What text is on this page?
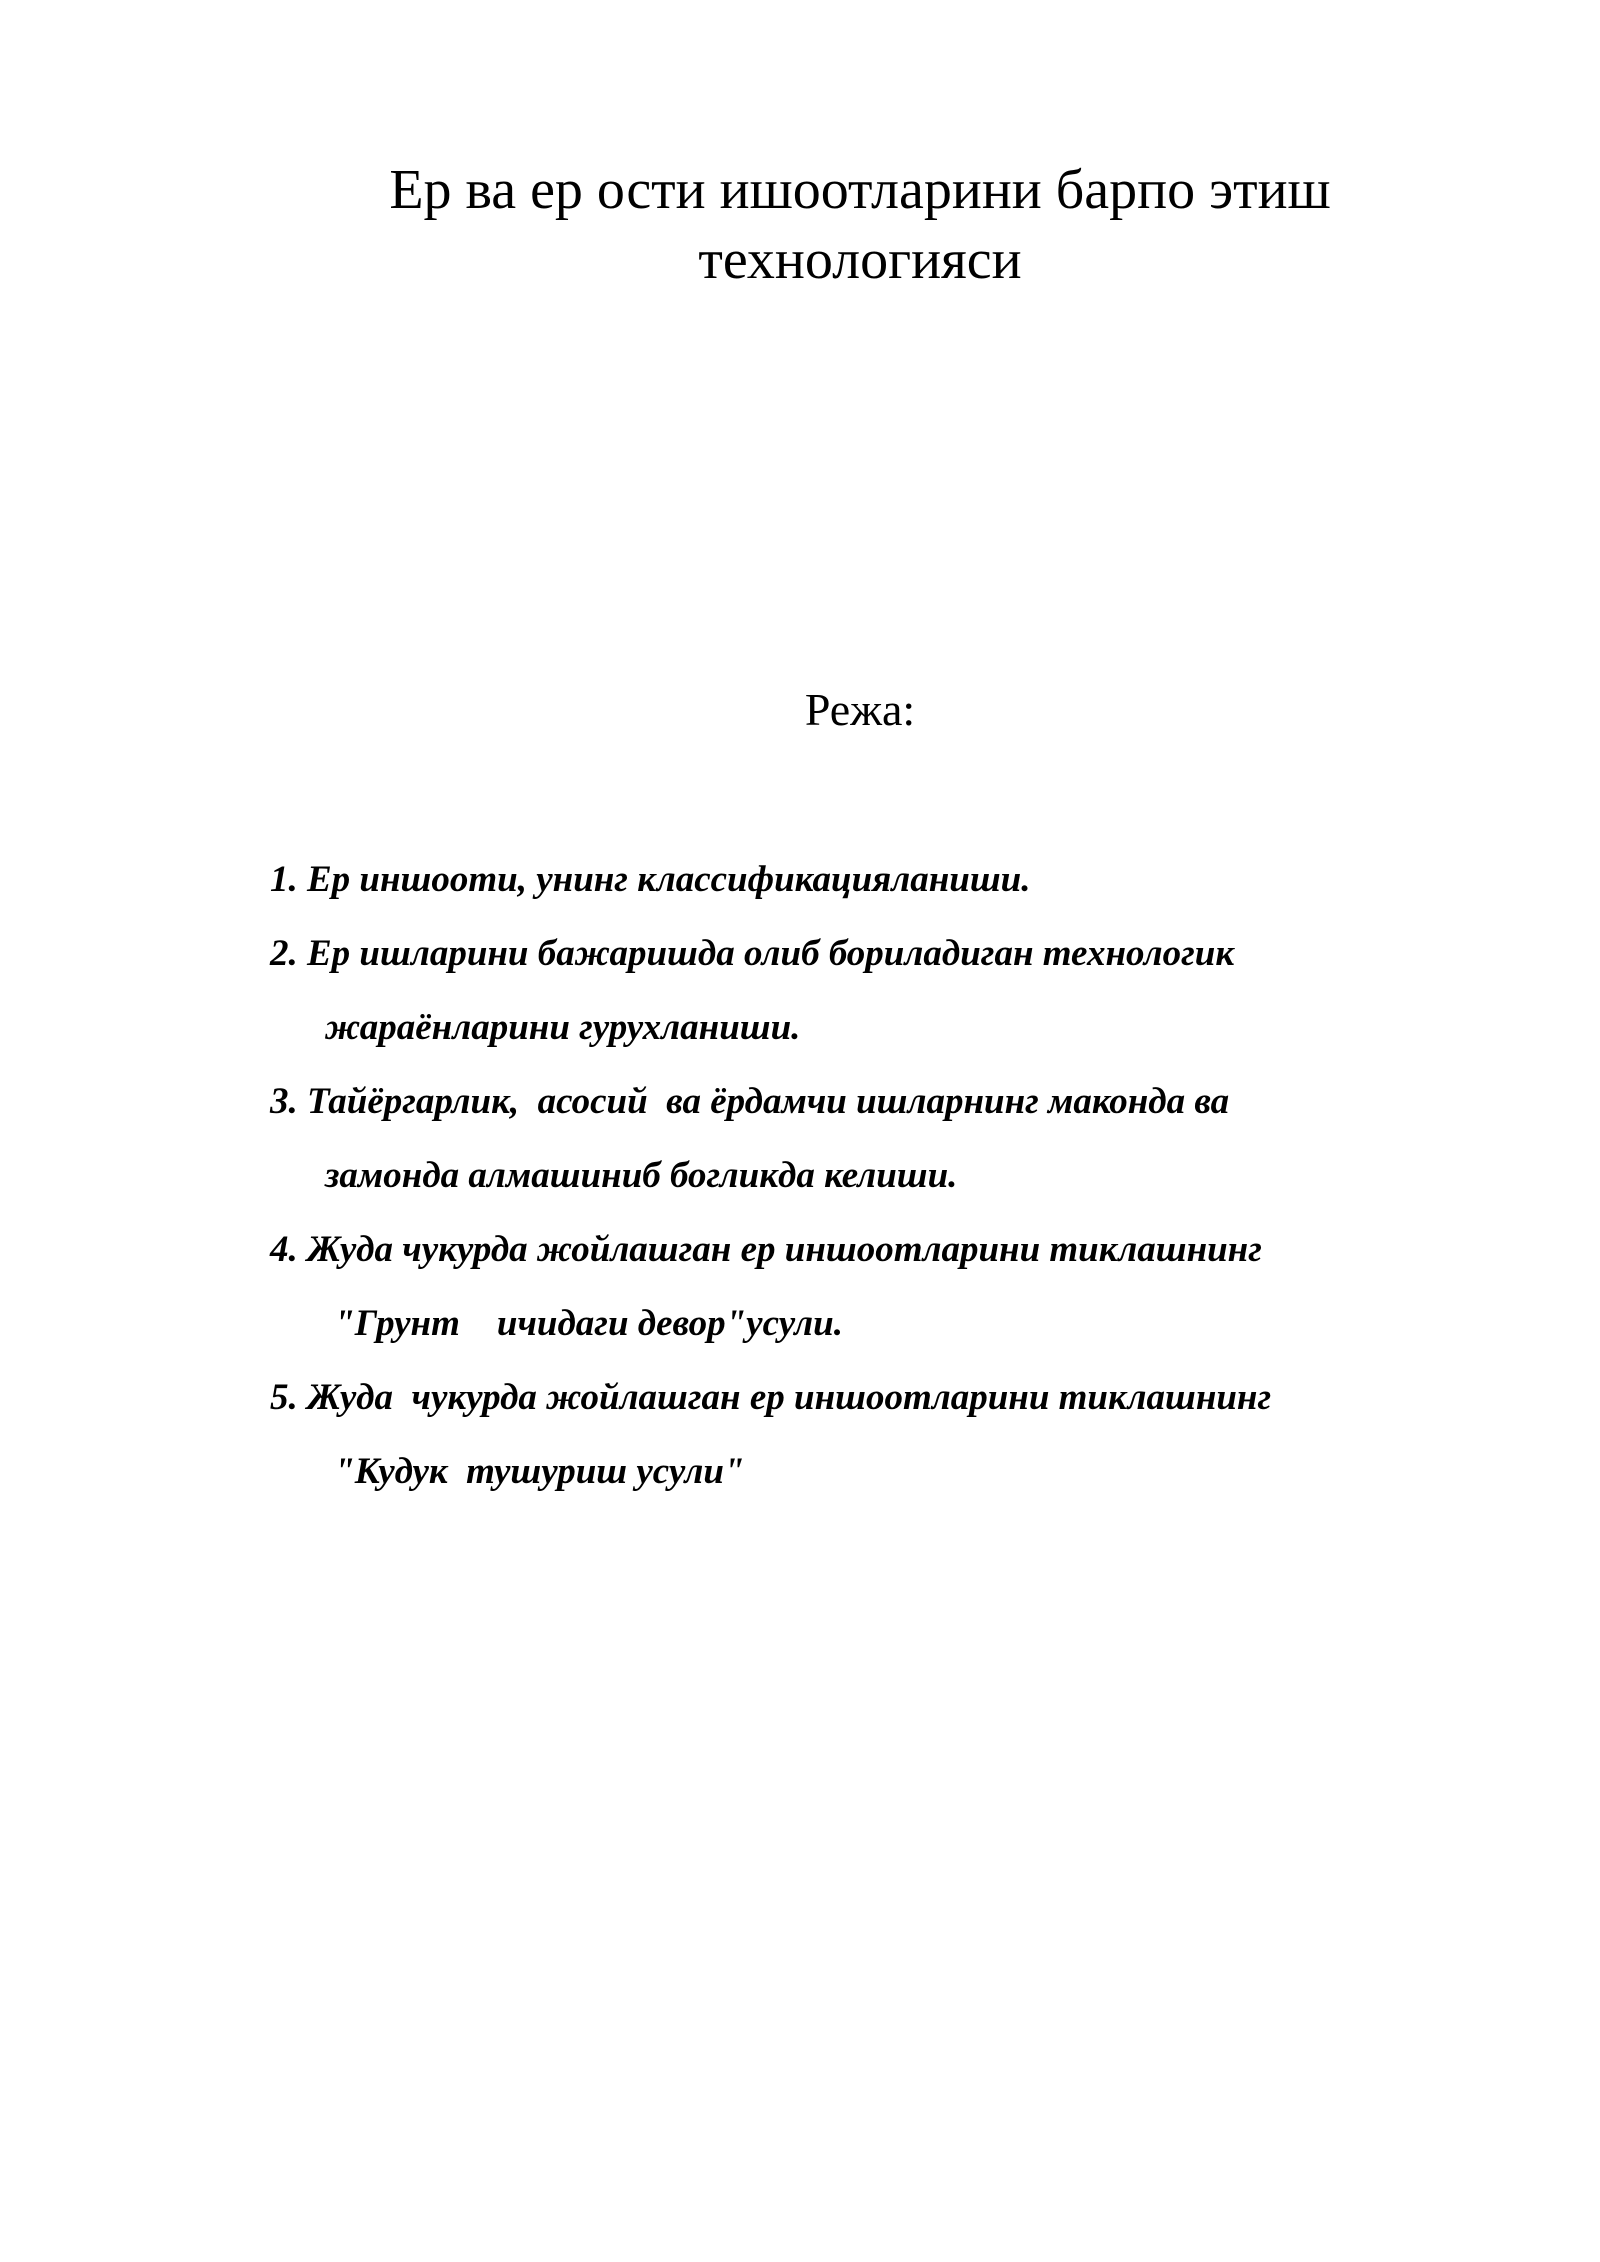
Ер ва ер ости ишоотларини барпо этиш
технологияси
Режа:
1. Ер иншооти, унинг классификацияланиши.
2. Ер ишларини бажаришда олиб бориладиган технологик
жараёнларини гурухланиши.
3. Тайёргарлик,  асосий  ва ёрдамчи ишларнинг маконда ва
замонда алмашиниб богликда келиши.
4. Жуда чукурда жойлашган ер иншоотларини тиклашнинг
"Грунт    ичидаги девор"усули.
5. Жуда  чукурда жойлашган ер иншоотларини тиклашнинг
"Кудук  тушуриш усули"
